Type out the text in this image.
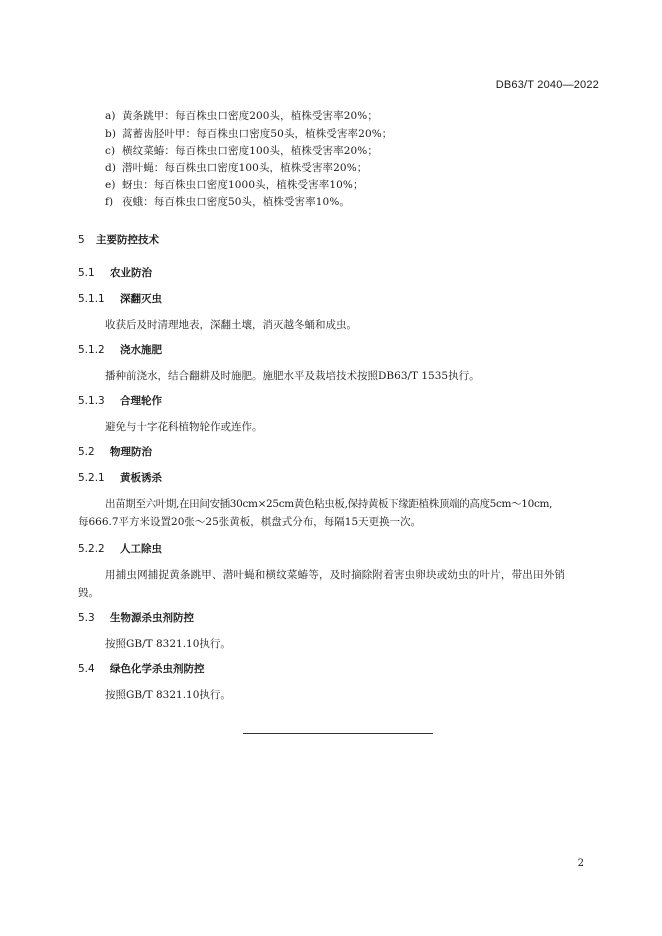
DB63/T 2040—2022
a) 黄条跳甲：每百株虫口密度200头，植株受害率20%；
b) 蒿蓄齿胫叶甲：每百株虫口密度50头，植株受害率20%；
c) 横纹菜蝽：每百株虫口密度100头，植株受害率20%；
d) 潜叶蝇：每百株虫口密度100头，植株受害率20%；
e) 蚜虫：每百株虫口密度1000头，植株受害率10%；
f) 夜蛾：每百株虫口密度50头，植株受害率10%。
5 主要防控技术
5.1 农业防治
5.1.1 深翻灭虫
收获后及时清理地表，深翻土壤，消灭越冬蛹和成虫。
5.1.2 浇水施肥
播种前浇水，结合翻耕及时施肥。施肥水平及栽培技术按照DB63/T 1535执行。
5.1.3 合理轮作
避免与十字花科植物轮作或连作。
5.2 物理防治
5.2.1 黄板诱杀
出苗期至六叶期,在田间安插30cm×25cm黄色粘虫板,保持黄板下缘距植株顶端的高度5cm～10cm,
每666.7平方米设置20张～25张黄板，棋盘式分布，每隔15天更换一次。
5.2.2 人工除虫
用捕虫网捕捉黄条跳甲、潜叶蝇和横纹菜蝽等，及时摘除附着害虫卵块或幼虫的叶片，带出田外销
毁。
5.3 生物源杀虫剂防控
按照GB/T 8321.10执行。
5.4 绿色化学杀虫剂防控
按照GB/T 8321.10执行。
2
